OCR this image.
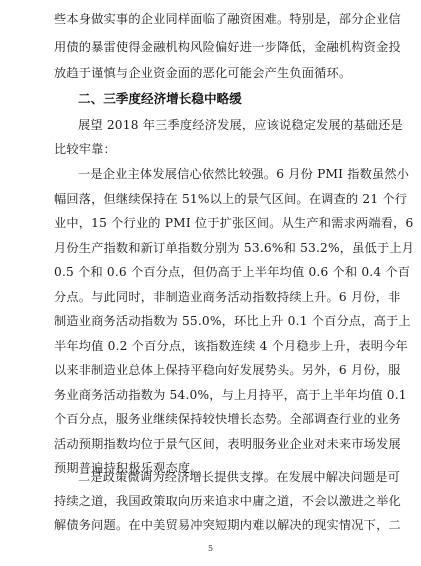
些本身做实事的企业同样面临了融资困难。特别是，部分企业信
用债的暴雷使得金融机构风险偏好进一步降低，金融机构资金投
放趋于谨慎与企业资金面的恶化可能会产生负面循环。
二、三季度经济增长稳中略缓
展望 2018 年三季度经济发展，应该说稳定发展的基础还是
比较牢靠：
一是企业主体发展信心依然比较强。6 月份 PMI 指数虽然小
幅回落，但继续保持在 51%以上的景气区间。在调查的 21 个行
业中，15 个行业的 PMI 位于扩张区间。从生产和需求两端看，6
月份生产指数和新订单指数分别为 53.6%和 53.2%，虽低于上月
0.5 个和 0.6 个百分点，但仍高于上半年均值 0.6 个和 0.4 个百
分点。与此同时，非制造业商务活动指数持续上升。6 月份，非
制造业商务活动指数为 55.0%，环比上升 0.1 个百分点，高于上
半年均值 0.2 个百分点，该指数连续 4 个月稳步上升，表明今年
以来非制造业总体上保持平稳向好发展势头。另外，6 月份，服
务业商务活动指数为 54.0%，与上月持平，高于上半年均值 0.1
个百分点，服务业继续保持较快增长态势。全部调查行业的业务
活动预期指数均位于景气区间，表明服务业企业对未来市场发展
预期普遍持积极乐观态度。
二是政策微调为经济增长提供支撑。在发展中解决问题是可
持续之道，我国政策取向历来追求中庸之道，不会以激进之举化
5
解债务问题。在中美贸易冲突短期内难以解决的现实情况下，二
